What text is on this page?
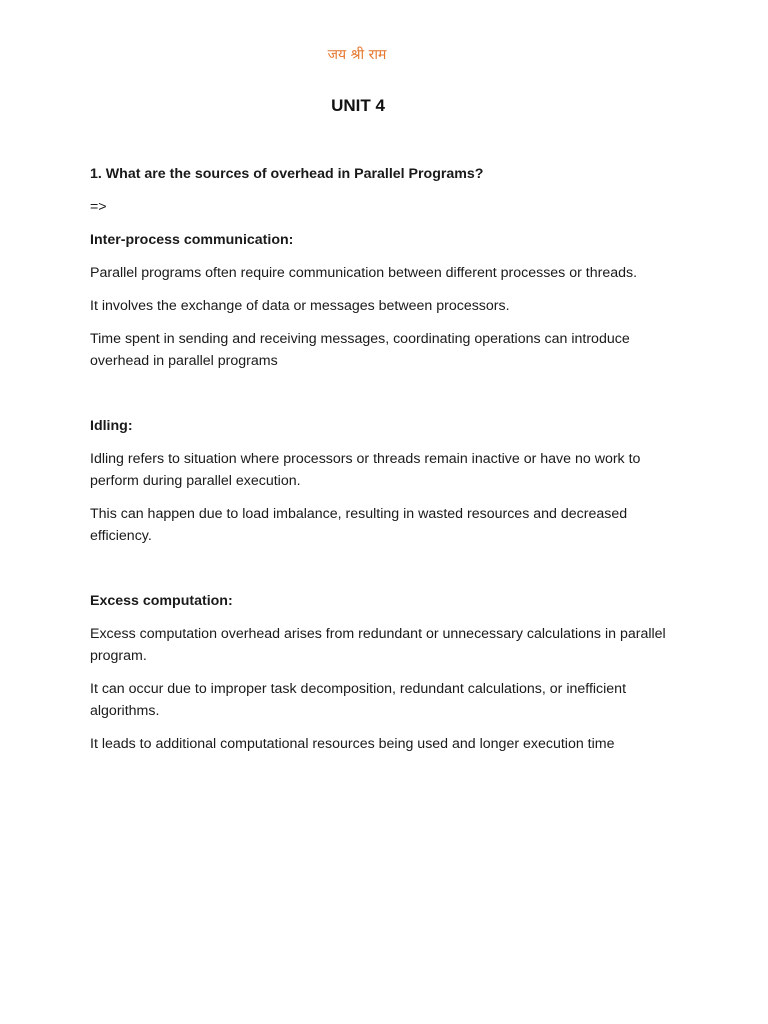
जय श्री राम
UNIT 4

1. What are the sources of overhead in Parallel Programs?

=>

Inter-process communication:

Parallel programs often require communication between different processes or threads.

It involves the exchange of data or messages between processors.

Time spent in sending and receiving messages, coordinating operations can introduce overhead in parallel programs

Idling:

Idling refers to situation where processors or threads remain inactive or have no work to perform during parallel execution.

This can happen due to load imbalance, resulting in wasted resources and decreased efficiency.

Excess computation:

Excess computation overhead arises from redundant or unnecessary calculations in parallel program.

It can occur due to improper task decomposition, redundant calculations, or inefficient algorithms.

It leads to additional computational resources being used and longer execution time
